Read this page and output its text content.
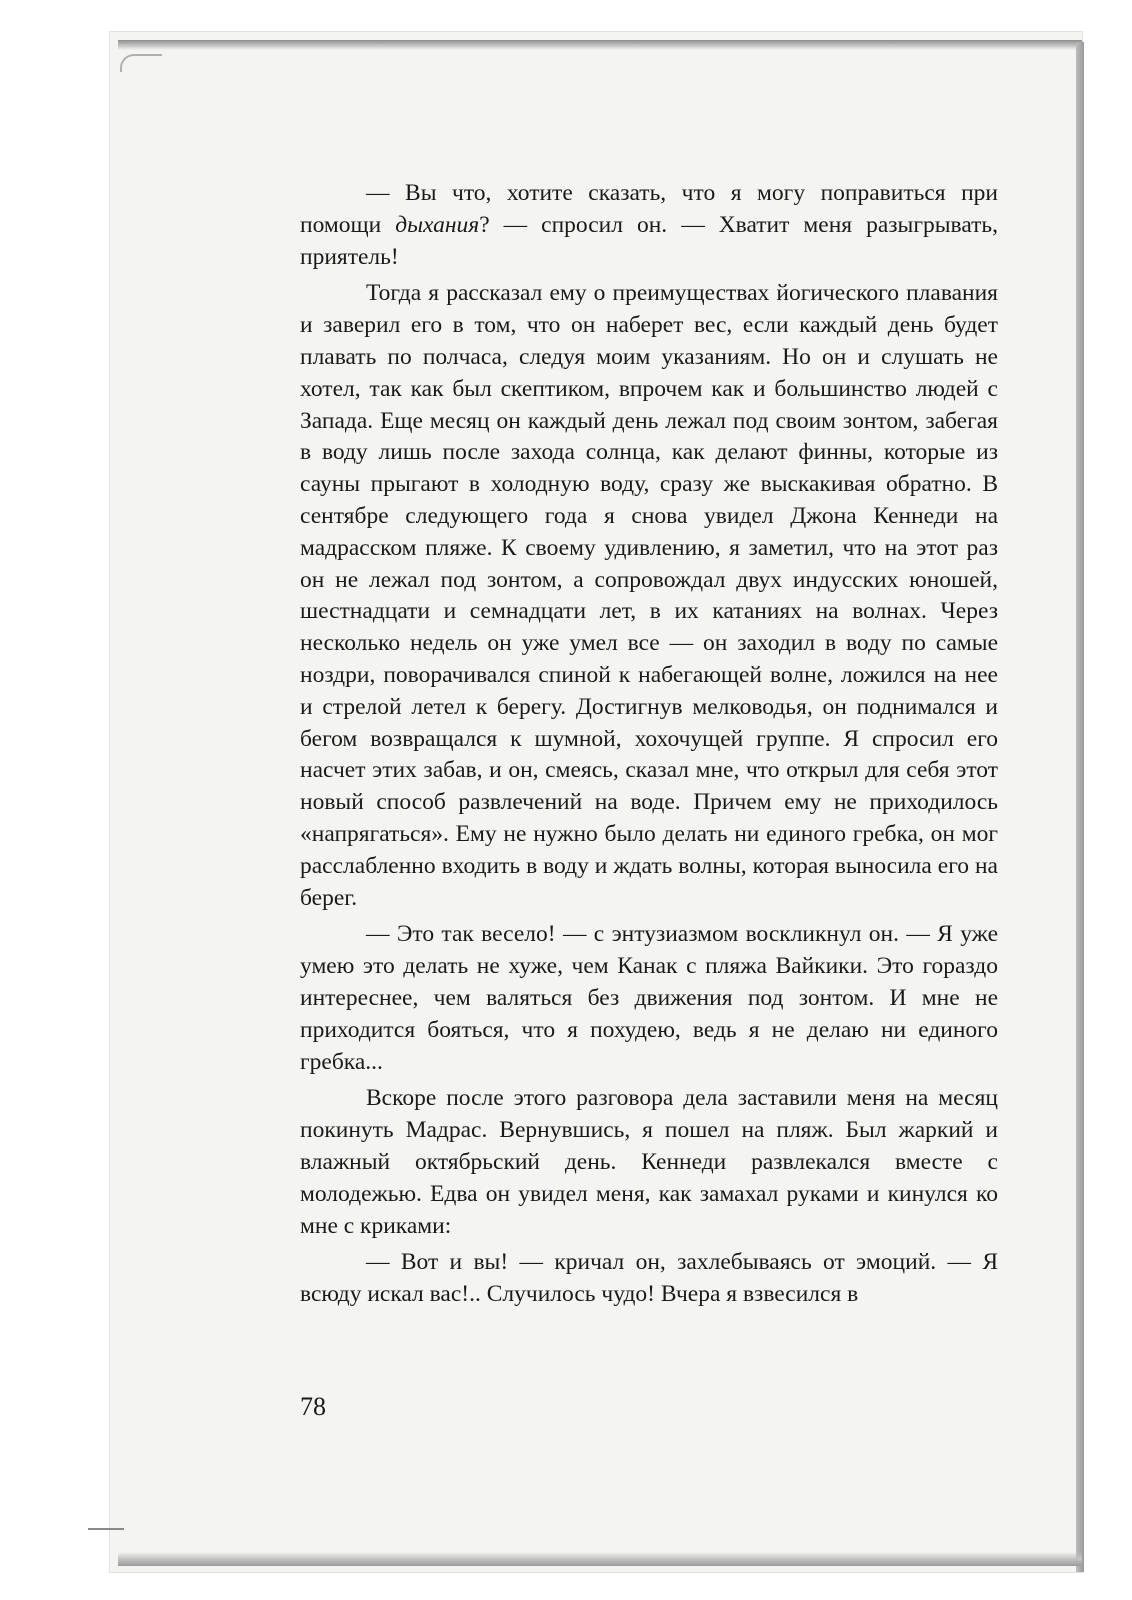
— Вы что, хотите сказать, что я могу поправиться при помощи дыхания? — спросил он. — Хватит меня разыгрывать, приятель!

Тогда я рассказал ему о преимуществах йогического плавания и заверил его в том, что он наберет вес, если каждый день будет плавать по полчаса, следуя моим указаниям. Но он и слушать не хотел, так как был скептиком, впрочем как и большинство людей с Запада. Еще месяц он каждый день лежал под своим зонтом, забегая в воду лишь после захода солнца, как делают финны, которые из сауны прыгают в холодную воду, сразу же выскакивая обратно. В сентябре следующего года я снова увидел Джона Кеннеди на мадрасском пляже. К своему удивлению, я заметил, что на этот раз он не лежал под зонтом, а сопровождал двух индусских юношей, шестнадцати и семнадцати лет, в их катаниях на волнах. Через несколько недель он уже умел все — он заходил в воду по самые ноздри, поворачивался спиной к набегающей волне, ложился на нее и стрелой летел к берегу. Достигнув мелководья, он поднимался и бегом возвращался к шумной, хохочущей группе. Я спросил его насчет этих забав, и он, смеясь, сказал мне, что открыл для себя этот новый способ развлечений на воде. Причем ему не приходилось «напрягаться». Ему не нужно было делать ни единого гребка, он мог расслабленно входить в воду и ждать волны, которая выносила его на берег.

— Это так весело! — с энтузиазмом воскликнул он. — Я уже умею это делать не хуже, чем Канак с пляжа Вайкики. Это гораздо интереснее, чем валяться без движения под зонтом. И мне не приходится бояться, что я похудею, ведь я не делаю ни единого гребка...

Вскоре после этого разговора дела заставили меня на месяц покинуть Мадрас. Вернувшись, я пошел на пляж. Был жаркий и влажный октябрьский день. Кеннеди развлекался вместе с молодежью. Едва он увидел меня, как замахал руками и кинулся ко мне с криками:

— Вот и вы! — кричал он, захлебываясь от эмоций. — Я всюду искал вас!.. Случилось чудо! Вчера я взвесился в

78
